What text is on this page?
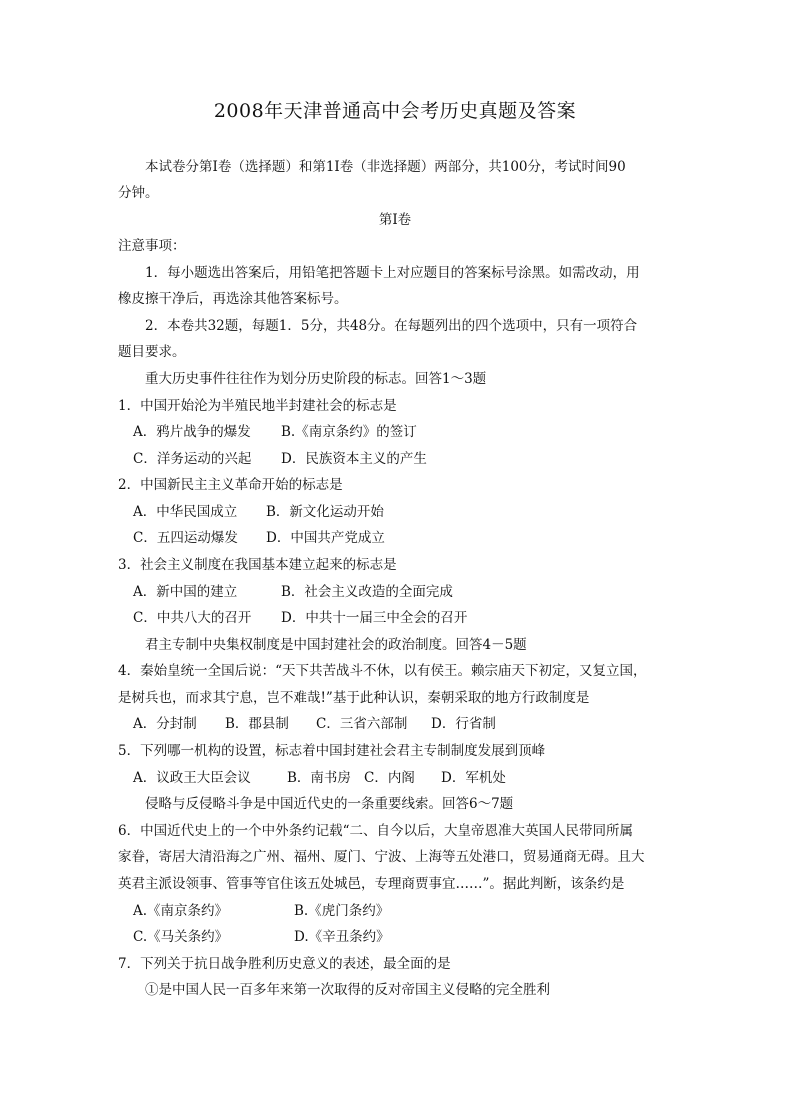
2008年天津普通高中会考历史真题及答案
本试卷分第Ⅰ卷（选择题）和第1I卷（非选择题）两部分，共100分，考试时间90
分钟。
第Ⅰ卷
注意事项：
1．每小题选出答案后，用铅笔把答题卡上对应题目的答案标号涂黑。如需改动，用
橡皮擦干净后，再选涂其他答案标号。
2．本卷共32题，每题1．5分，共48分。在每题列出的四个选项中，只有一项符合
题目要求。
重大历史事件往往作为划分历史阶段的标志。回答1～3题
1．中国开始沦为半殖民地半封建社会的标志是
A．鸦片战争的爆发 B.《南京条约》的签订
C．洋务运动的兴起 D．民族资本主义的产生
2．中国新民主主义革命开始的标志是
A．中华民国成立 B．新文化运动开始
C．五四运动爆发 D．中国共产党成立
3．社会主义制度在我国基本建立起来的标志是
A．新中国的建立	B．社会主义改造的全面完成
C．中共八大的召开 D．中共十一届三中全会的召开
君主专制中央集权制度是中国封建社会的政治制度。回答4－5题
4．秦始皇统一全国后说：“天下共苦战斗不休，以有侯王。赖宗庙天下初定，又复立国，
是树兵也，而求其宁息，岂不难哉!”基于此种认识，秦朝采取的地方行政制度是
A．分封制 B．郡县制 C．三省六部制 D．行省制
5．下列哪一机构的设置，标志着中国封建社会君主专制制度发展到顶峰
A．议政王大臣会议	B．南书房 C．内阁 D．军机处
侵略与反侵略斗争是中国近代史的一条重要线索。回答6～7题
6．中国近代史上的一个中外条约记载“二、自今以后，大皇帝恩准大英国人民带同所属
家眷，寄居大清沿海之广州、福州、厦门、宁波、上海等五处港口，贸易通商无碍。且大
英君主派设领事、管事等官住该五处城邑，专理商贾事宜……”。据此判断，该条约是
A.《南京条约》	B.《虎门条约》
C.《马关条约》	D.《辛丑条约》
7．下列关于抗日战争胜利历史意义的表述，最全面的是
①是中国人民一百多年来第一次取得的反对帝国主义侵略的完全胜利
